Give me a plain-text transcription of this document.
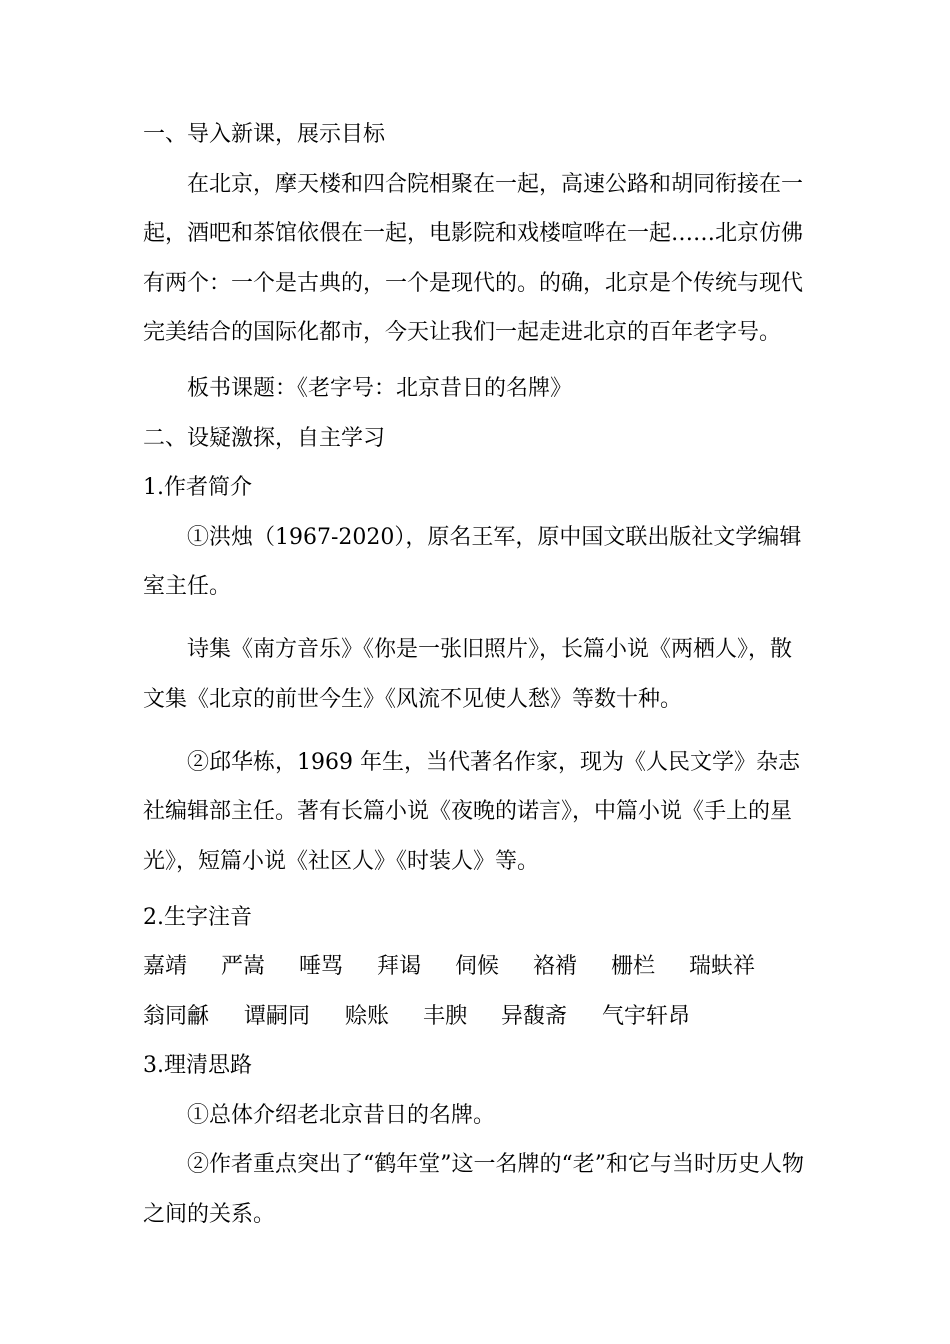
一、导入新课，展示目标
在北京，摩天楼和四合院相聚在一起，高速公路和胡同衔接在一起，酒吧和茶馆依偎在一起，电影院和戏楼喧哗在一起……北京仿佛有两个：一个是古典的，一个是现代的。的确，北京是个传统与现代完美结合的国际化都市，今天让我们一起走进北京的百年老字号。
板书课题：《老字号：北京昔日的名牌》
二、设疑激探，自主学习
1.作者简介
①洪烛（1967-2020），原名王军，原中国文联出版社文学编辑室主任。
诗集《南方音乐》《你是一张旧照片》，长篇小说《两栖人》，散文集《北京的前世今生》《风流不见使人愁》等数十种。
②邱华栋，1969 年生，当代著名作家，现为《人民文学》杂志社编辑部主任。著有长篇小说《夜晚的诺言》，中篇小说《手上的星光》，短篇小说《社区人》《时装人》等。
2.生字注音
嘉靖	严嵩	唾骂	拜谒	伺候	袼褙	栅栏	瑞蚨祥
翁同龢	谭嗣同	赊账	丰腴	异馥斋	气宇轩昂
3.理清思路
①总体介绍老北京昔日的名牌。
②作者重点突出了“鹤年堂”这一名牌的“老”和它与当时历史人物之间的关系。
